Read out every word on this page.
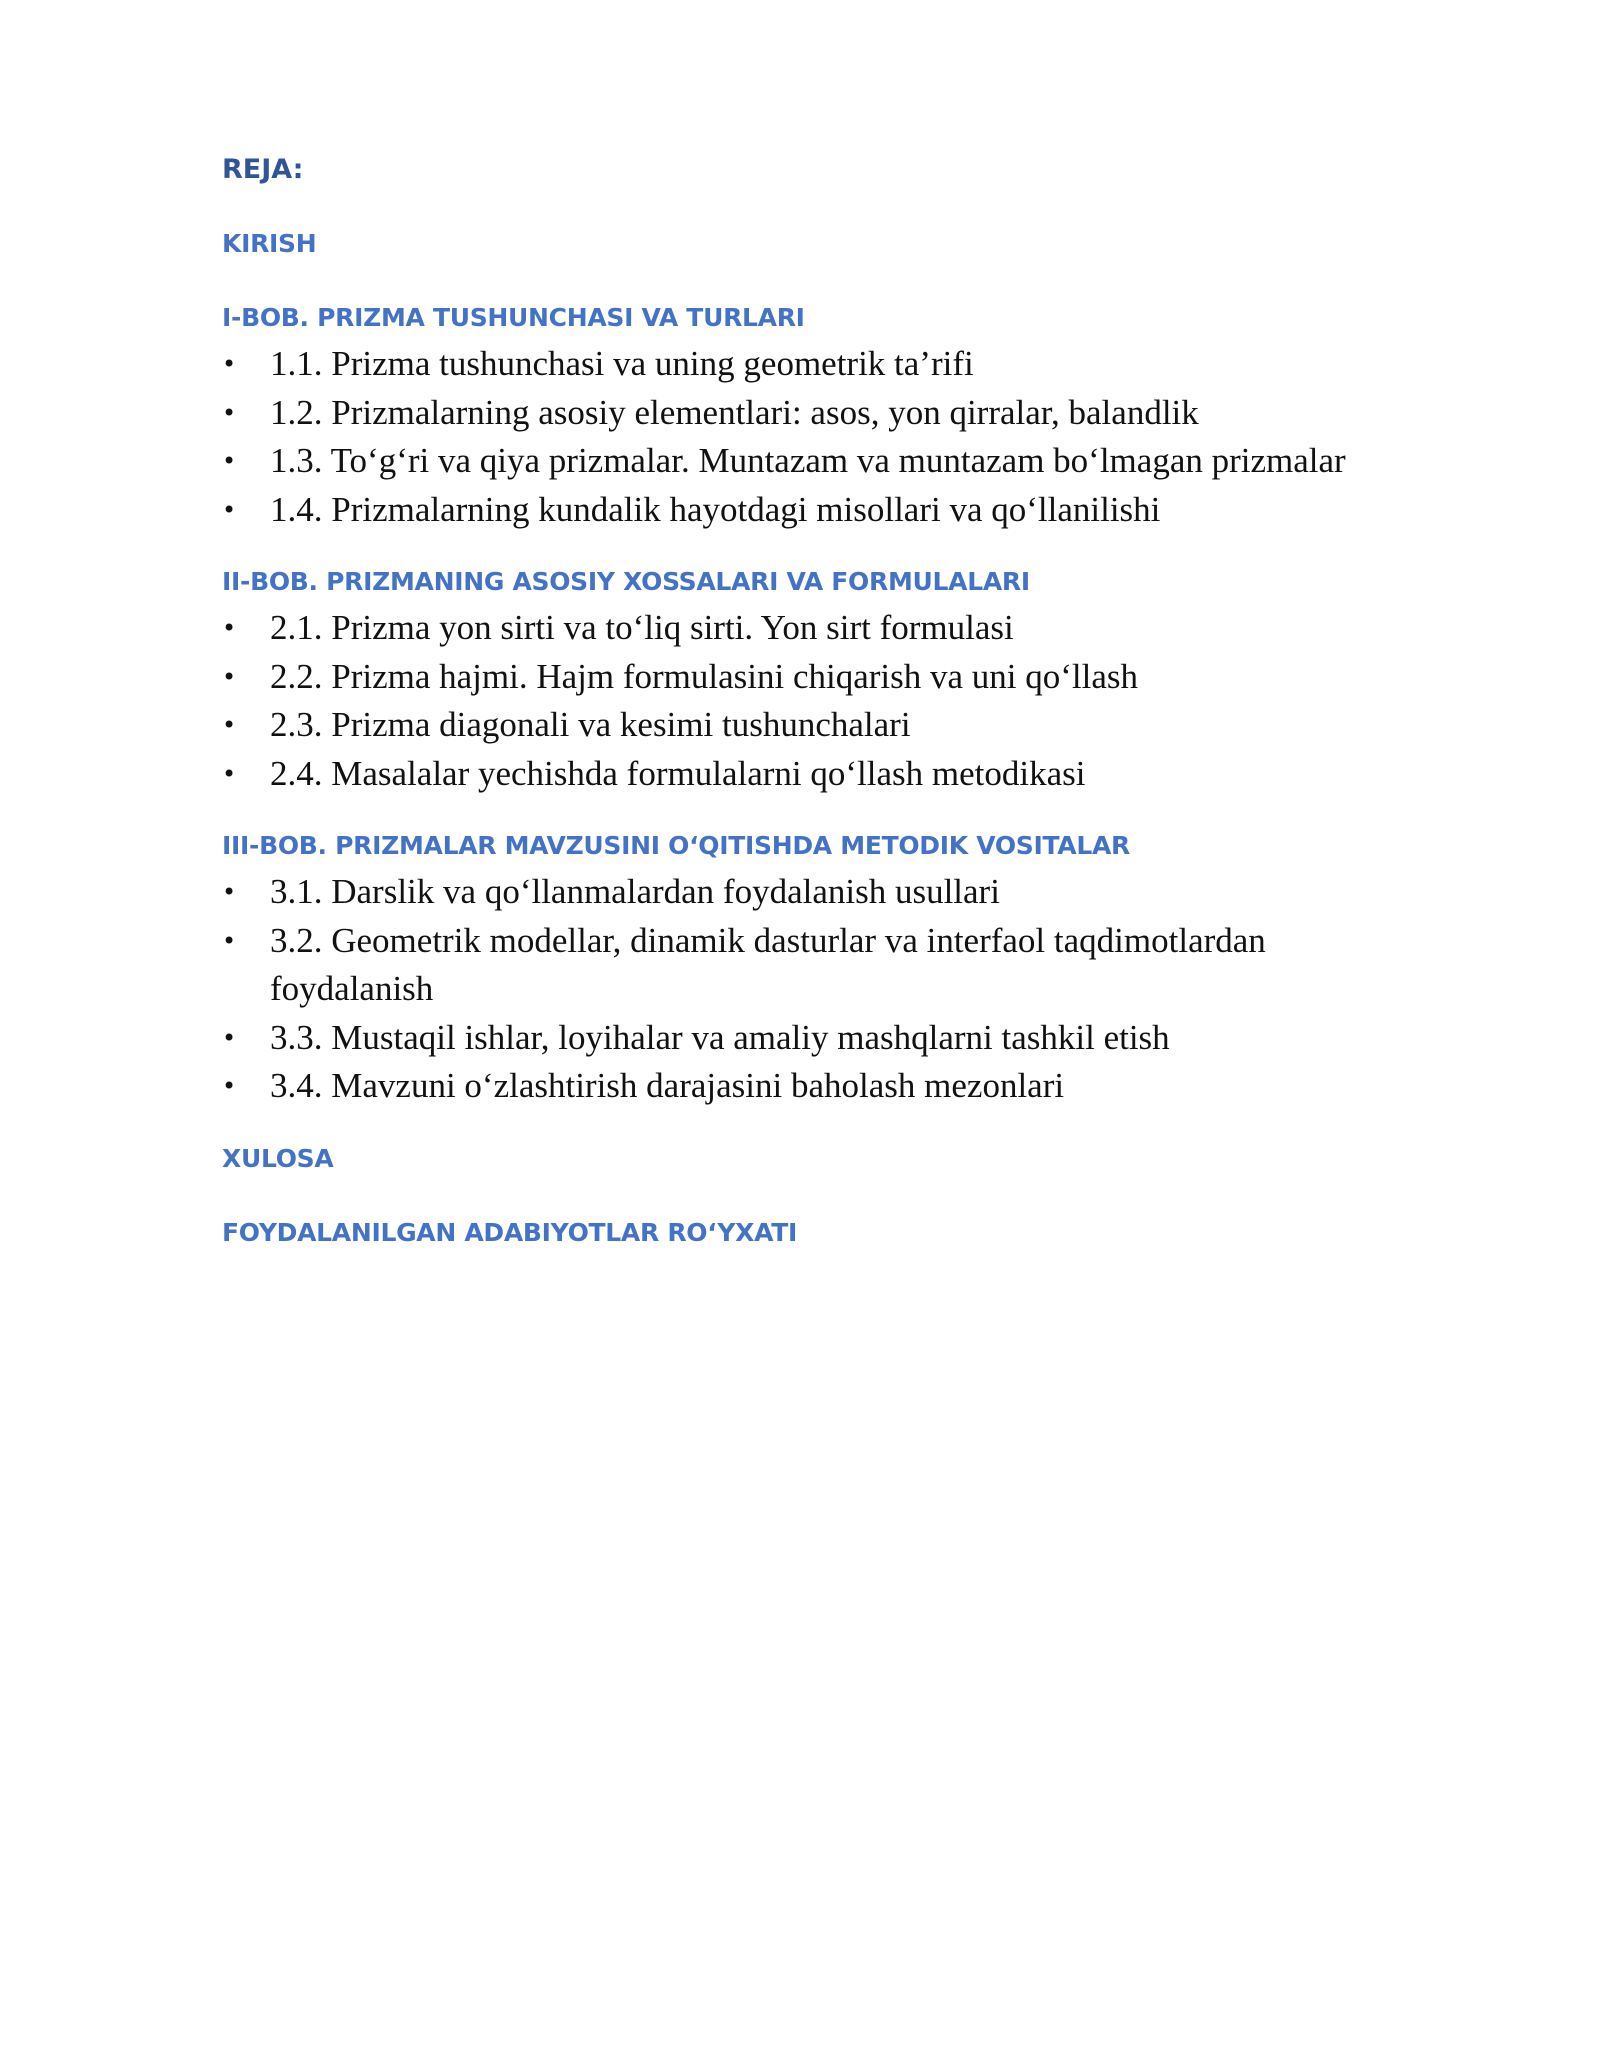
REJA:
KIRISH
I-BOB. PRIZMA TUSHUNCHASI VA TURLARI
• 1.1. Prizma tushunchasi va uning geometrik ta’rifi
• 1.2. Prizmalarning asosiy elementlari: asos, yon qirralar, balandlik
• 1.3. To‘g‘ri va qiya prizmalar. Muntazam va muntazam bo‘lmagan prizmalar
• 1.4. Prizmalarning kundalik hayotdagi misollari va qo‘llanilishi
II-BOB. PRIZMANING ASOSIY XOSSALARI VA FORMULALARI
• 2.1. Prizma yon sirti va to‘liq sirti. Yon sirt formulasi
• 2.2. Prizma hajmi. Hajm formulasini chiqarish va uni qo‘llash
• 2.3. Prizma diagonali va kesimi tushunchalari
• 2.4. Masalalar yechishda formulalarni qo‘llash metodikasi
III-BOB. PRIZMALAR MAVZUSINI O‘QITISHDA METODIK VOSITALAR
• 3.1. Darslik va qo‘llanmalardan foydalanish usullari
• 3.2. Geometrik modellar, dinamik dasturlar va interfaol taqdimotlardan foydalanish
• 3.3. Mustaqil ishlar, loyihalar va amaliy mashqlarni tashkil etish
• 3.4. Mavzuni o‘zlashtirish darajasini baholash mezonlari
XULOSA
FOYDALANILGAN ADABIYOTLAR RO‘YXATI
